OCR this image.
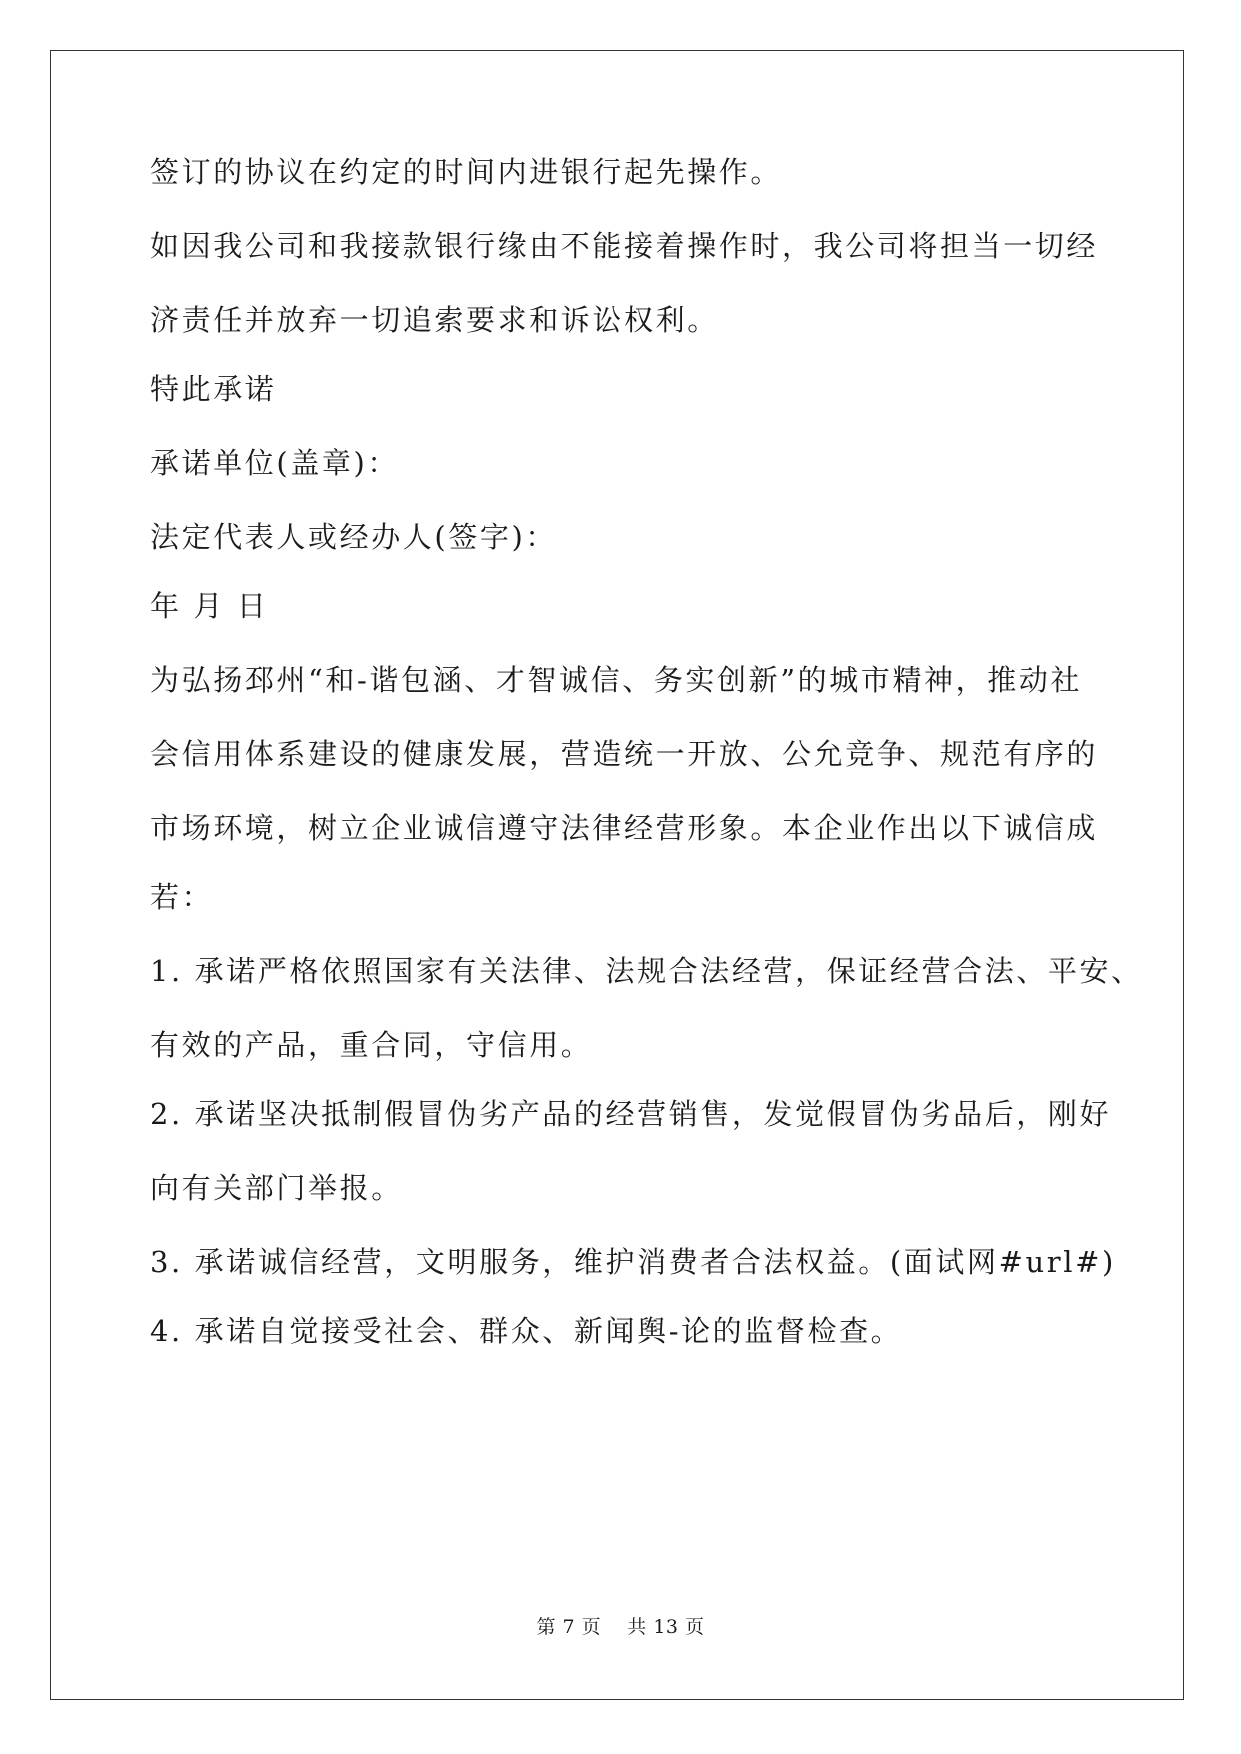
签订的协议在约定的时间内进银行起先操作。
如因我公司和我接款银行缘由不能接着操作时，我公司将担当一切经
济责任并放弃一切追索要求和诉讼权利。
特此承诺
承诺单位(盖章)：
法定代表人或经办人(签字)：
年 月 日
为弘扬邳州“和-谐包涵、才智诚信、务实创新”的城市精神，推动社
会信用体系建设的健康发展，营造统一开放、公允竞争、规范有序的
市场环境，树立企业诚信遵守法律经营形象。本企业作出以下诚信成
若：
1. 承诺严格依照国家有关法律、法规合法经营，保证经营合法、平安、
有效的产品，重合同，守信用。
2. 承诺坚决抵制假冒伪劣产品的经营销售，发觉假冒伪劣品后，刚好
向有关部门举报。
3. 承诺诚信经营，文明服务，维护消费者合法权益。(面试网#url#)
4. 承诺自觉接受社会、群众、新闻舆-论的监督检查。
第 7 页    共 13 页
